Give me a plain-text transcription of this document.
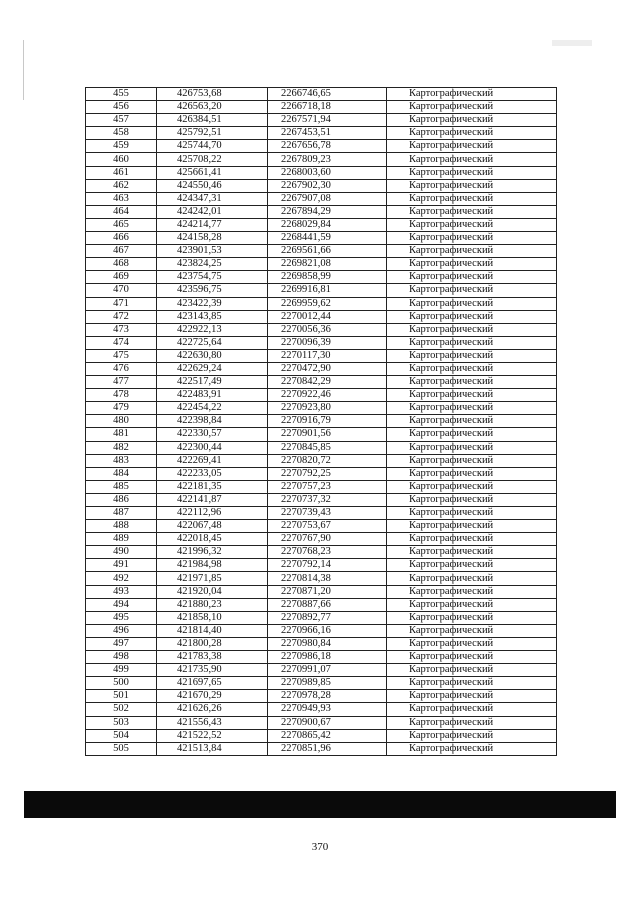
455	426753,68	2266746,65	Картографический
456	426563,20	2266718,18	Картографический
457	426384,51	2267571,94	Картографический
458	425792,51	2267453,51	Картографический
459	425744,70	2267656,78	Картографический
460	425708,22	2267809,23	Картографический
461	425661,41	2268003,60	Картографический
462	424550,46	2267902,30	Картографический
463	424347,31	2267907,08	Картографический
464	424242,01	2267894,29	Картографический
465	424214,77	2268029,84	Картографический
466	424158,28	2268441,59	Картографический
467	423901,53	2269561,66	Картографический
468	423824,25	2269821,08	Картографический
469	423754,75	2269858,99	Картографический
470	423596,75	2269916,81	Картографический
471	423422,39	2269959,62	Картографический
472	423143,85	2270012,44	Картографический
473	422922,13	2270056,36	Картографический
474	422725,64	2270096,39	Картографический
475	422630,80	2270117,30	Картографический
476	422629,24	2270472,90	Картографический
477	422517,49	2270842,29	Картографический
478	422483,91	2270922,46	Картографический
479	422454,22	2270923,80	Картографический
480	422398,84	2270916,79	Картографический
481	422330,57	2270901,56	Картографический
482	422300,44	2270845,85	Картографический
483	422269,41	2270820,72	Картографический
484	422233,05	2270792,25	Картографический
485	422181,35	2270757,23	Картографический
486	422141,87	2270737,32	Картографический
487	422112,96	2270739,43	Картографический
488	422067,48	2270753,67	Картографический
489	422018,45	2270767,90	Картографический
490	421996,32	2270768,23	Картографический
491	421984,98	2270792,14	Картографический
492	421971,85	2270814,38	Картографический
493	421920,04	2270871,20	Картографический
494	421880,23	2270887,66	Картографический
495	421858,10	2270892,77	Картографический
496	421814,40	2270966,16	Картографический
497	421800,28	2270980,84	Картографический
498	421783,38	2270986,18	Картографический
499	421735,90	2270991,07	Картографический
500	421697,65	2270989,85	Картографический
501	421670,29	2270978,28	Картографический
502	421626,26	2270949,93	Картографический
503	421556,43	2270900,67	Картографический
504	421522,52	2270865,42	Картографический
505	421513,84	2270851,96	Картографический
370
